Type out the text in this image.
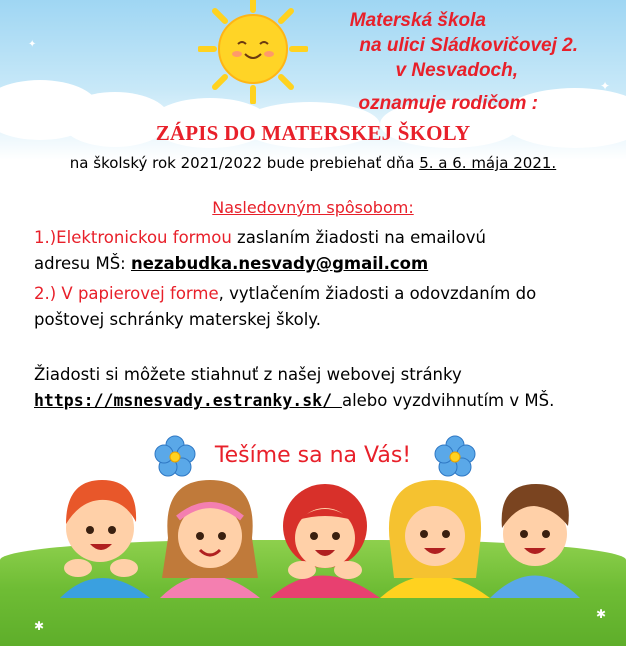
✦
✦
✦
✦
Materská škola
na ulici Sládkovičovej 2.
v Nesvadoch,
oznamuje rodičom :
ZÁPIS DO MATERSKEJ ŠKOLY
na školský rok 2021/2022 bude prebiehať dňa 5. a 6. mája 2021.
Nasledovným spôsobom:
1.)Elektronickou formou zaslaním žiadosti na emailovú
adresu MŠ: nezabudka.nesvady@gmail.com
2.) V papierovej forme, vytlačením žiadosti a odovzdaním do
poštovej schránky materskej školy.
Žiadosti si môžete stiahnuť z našej webovej stránky
https://msnesvady.estranky.sk/ alebo vyzdvihnutím v MŠ.
Tešíme sa na Vás!
✱
✱
